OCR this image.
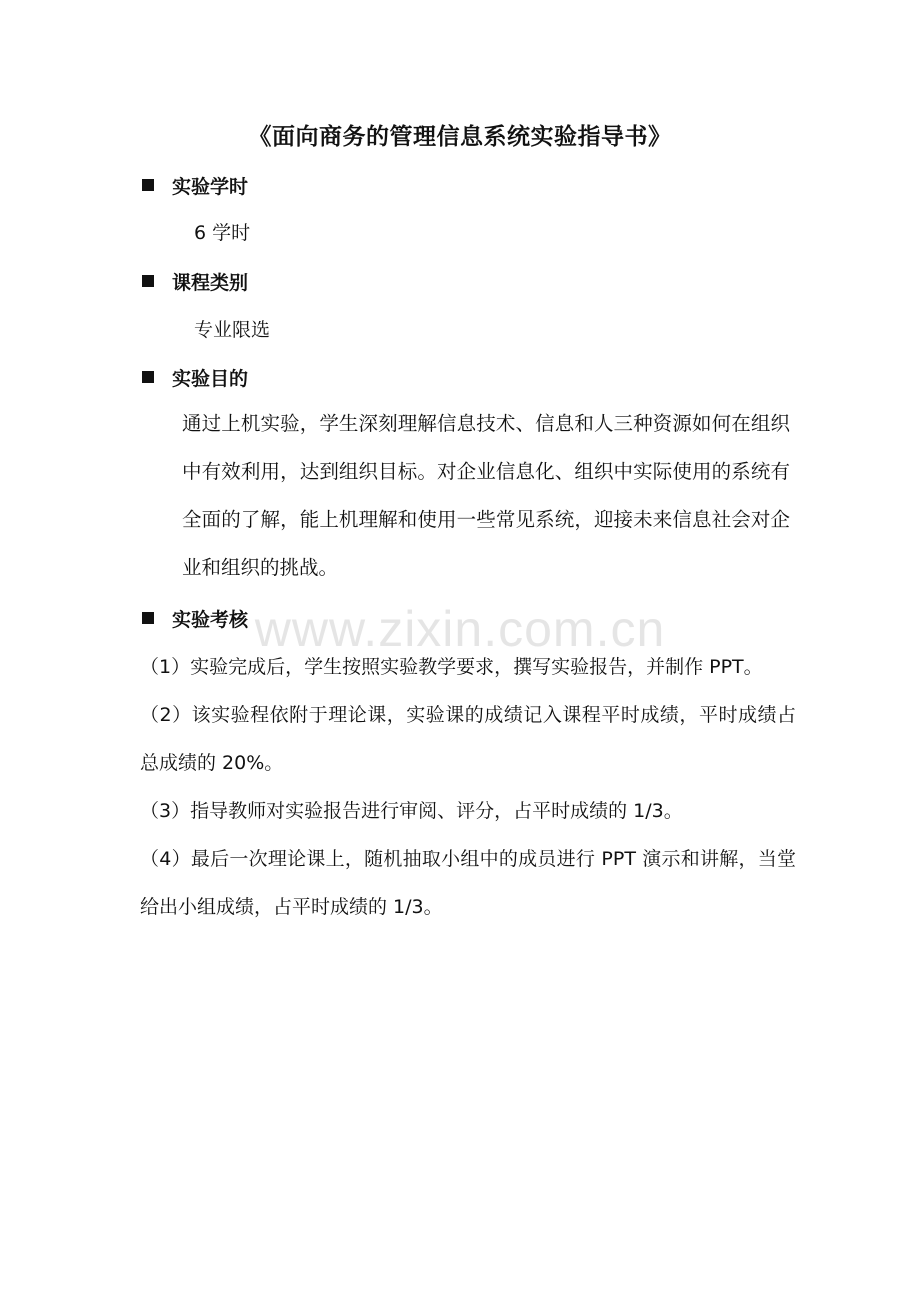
《面向商务的管理信息系统实验指导书》
实验学时
6 学时
课程类别
专业限选
实验目的
通过上机实验，学生深刻理解信息技术、信息和人三种资源如何在组织中有效利用，达到组织目标。对企业信息化、组织中实际使用的系统有全面的了解，能上机理解和使用一些常见系统，迎接未来信息社会对企业和组织的挑战。
实验考核
（1）实验完成后，学生按照实验教学要求，撰写实验报告，并制作 PPT。
（2）该实验程依附于理论课，实验课的成绩记入课程平时成绩，平时成绩占总成绩的 20%。
（3）指导教师对实验报告进行审阅、评分，占平时成绩的 1/3。
（4）最后一次理论课上，随机抽取小组中的成员进行 PPT 演示和讲解，当堂给出小组成绩，占平时成绩的 1/3。
www.zixin.com.cn
